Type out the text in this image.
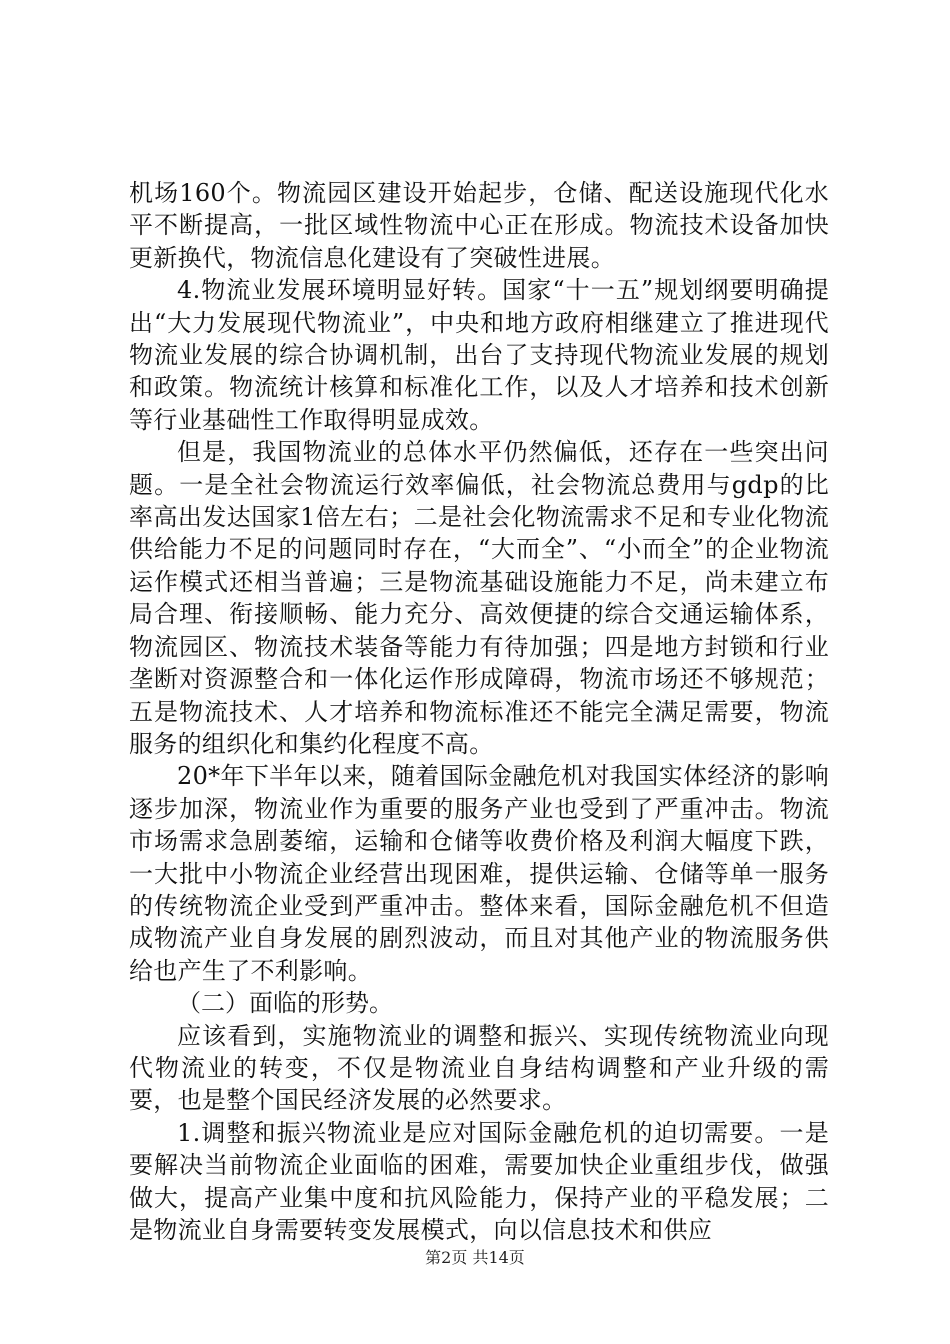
机场160个。物流园区建设开始起步，仓储、配送设施现代化水平不断提高，一批区域性物流中心正在形成。物流技术设备加快更新换代，物流信息化建设有了突破性进展。

4.物流业发展环境明显好转。国家“十一五”规划纲要明确提出“大力发展现代物流业”，中央和地方政府相继建立了推进现代物流业发展的综合协调机制，出台了支持现代物流业发展的规划和政策。物流统计核算和标准化工作，以及人才培养和技术创新等行业基础性工作取得明显成效。

但是，我国物流业的总体水平仍然偏低，还存在一些突出问题。一是全社会物流运行效率偏低，社会物流总费用与gdp的比率高出发达国家1倍左右；二是社会化物流需求不足和专业化物流供给能力不足的问题同时存在，“大而全”、“小而全”的企业物流运作模式还相当普遍；三是物流基础设施能力不足，尚未建立布局合理、衔接顺畅、能力充分、高效便捷的综合交通运输体系，物流园区、物流技术装备等能力有待加强；四是地方封锁和行业垄断对资源整合和一体化运作形成障碍，物流市场还不够规范；五是物流技术、人才培养和物流标准还不能完全满足需要，物流服务的组织化和集约化程度不高。

20*年下半年以来，随着国际金融危机对我国实体经济的影响逐步加深，物流业作为重要的服务产业也受到了严重冲击。物流市场需求急剧萎缩，运输和仓储等收费价格及利润大幅度下跌，一大批中小物流企业经营出现困难，提供运输、仓储等单一服务的传统物流企业受到严重冲击。整体来看，国际金融危机不但造成物流产业自身发展的剧烈波动，而且对其他产业的物流服务供给也产生了不利影响。

（二）面临的形势。

应该看到，实施物流业的调整和振兴、实现传统物流业向现代物流业的转变，不仅是物流业自身结构调整和产业升级的需要，也是整个国民经济发展的必然要求。

1.调整和振兴物流业是应对国际金融危机的迫切需要。一是要解决当前物流企业面临的困难，需要加快企业重组步伐，做强做大，提高产业集中度和抗风险能力，保持产业的平稳发展；二是物流业自身需要转变发展模式，向以信息技术和供应

第2页 共14页
